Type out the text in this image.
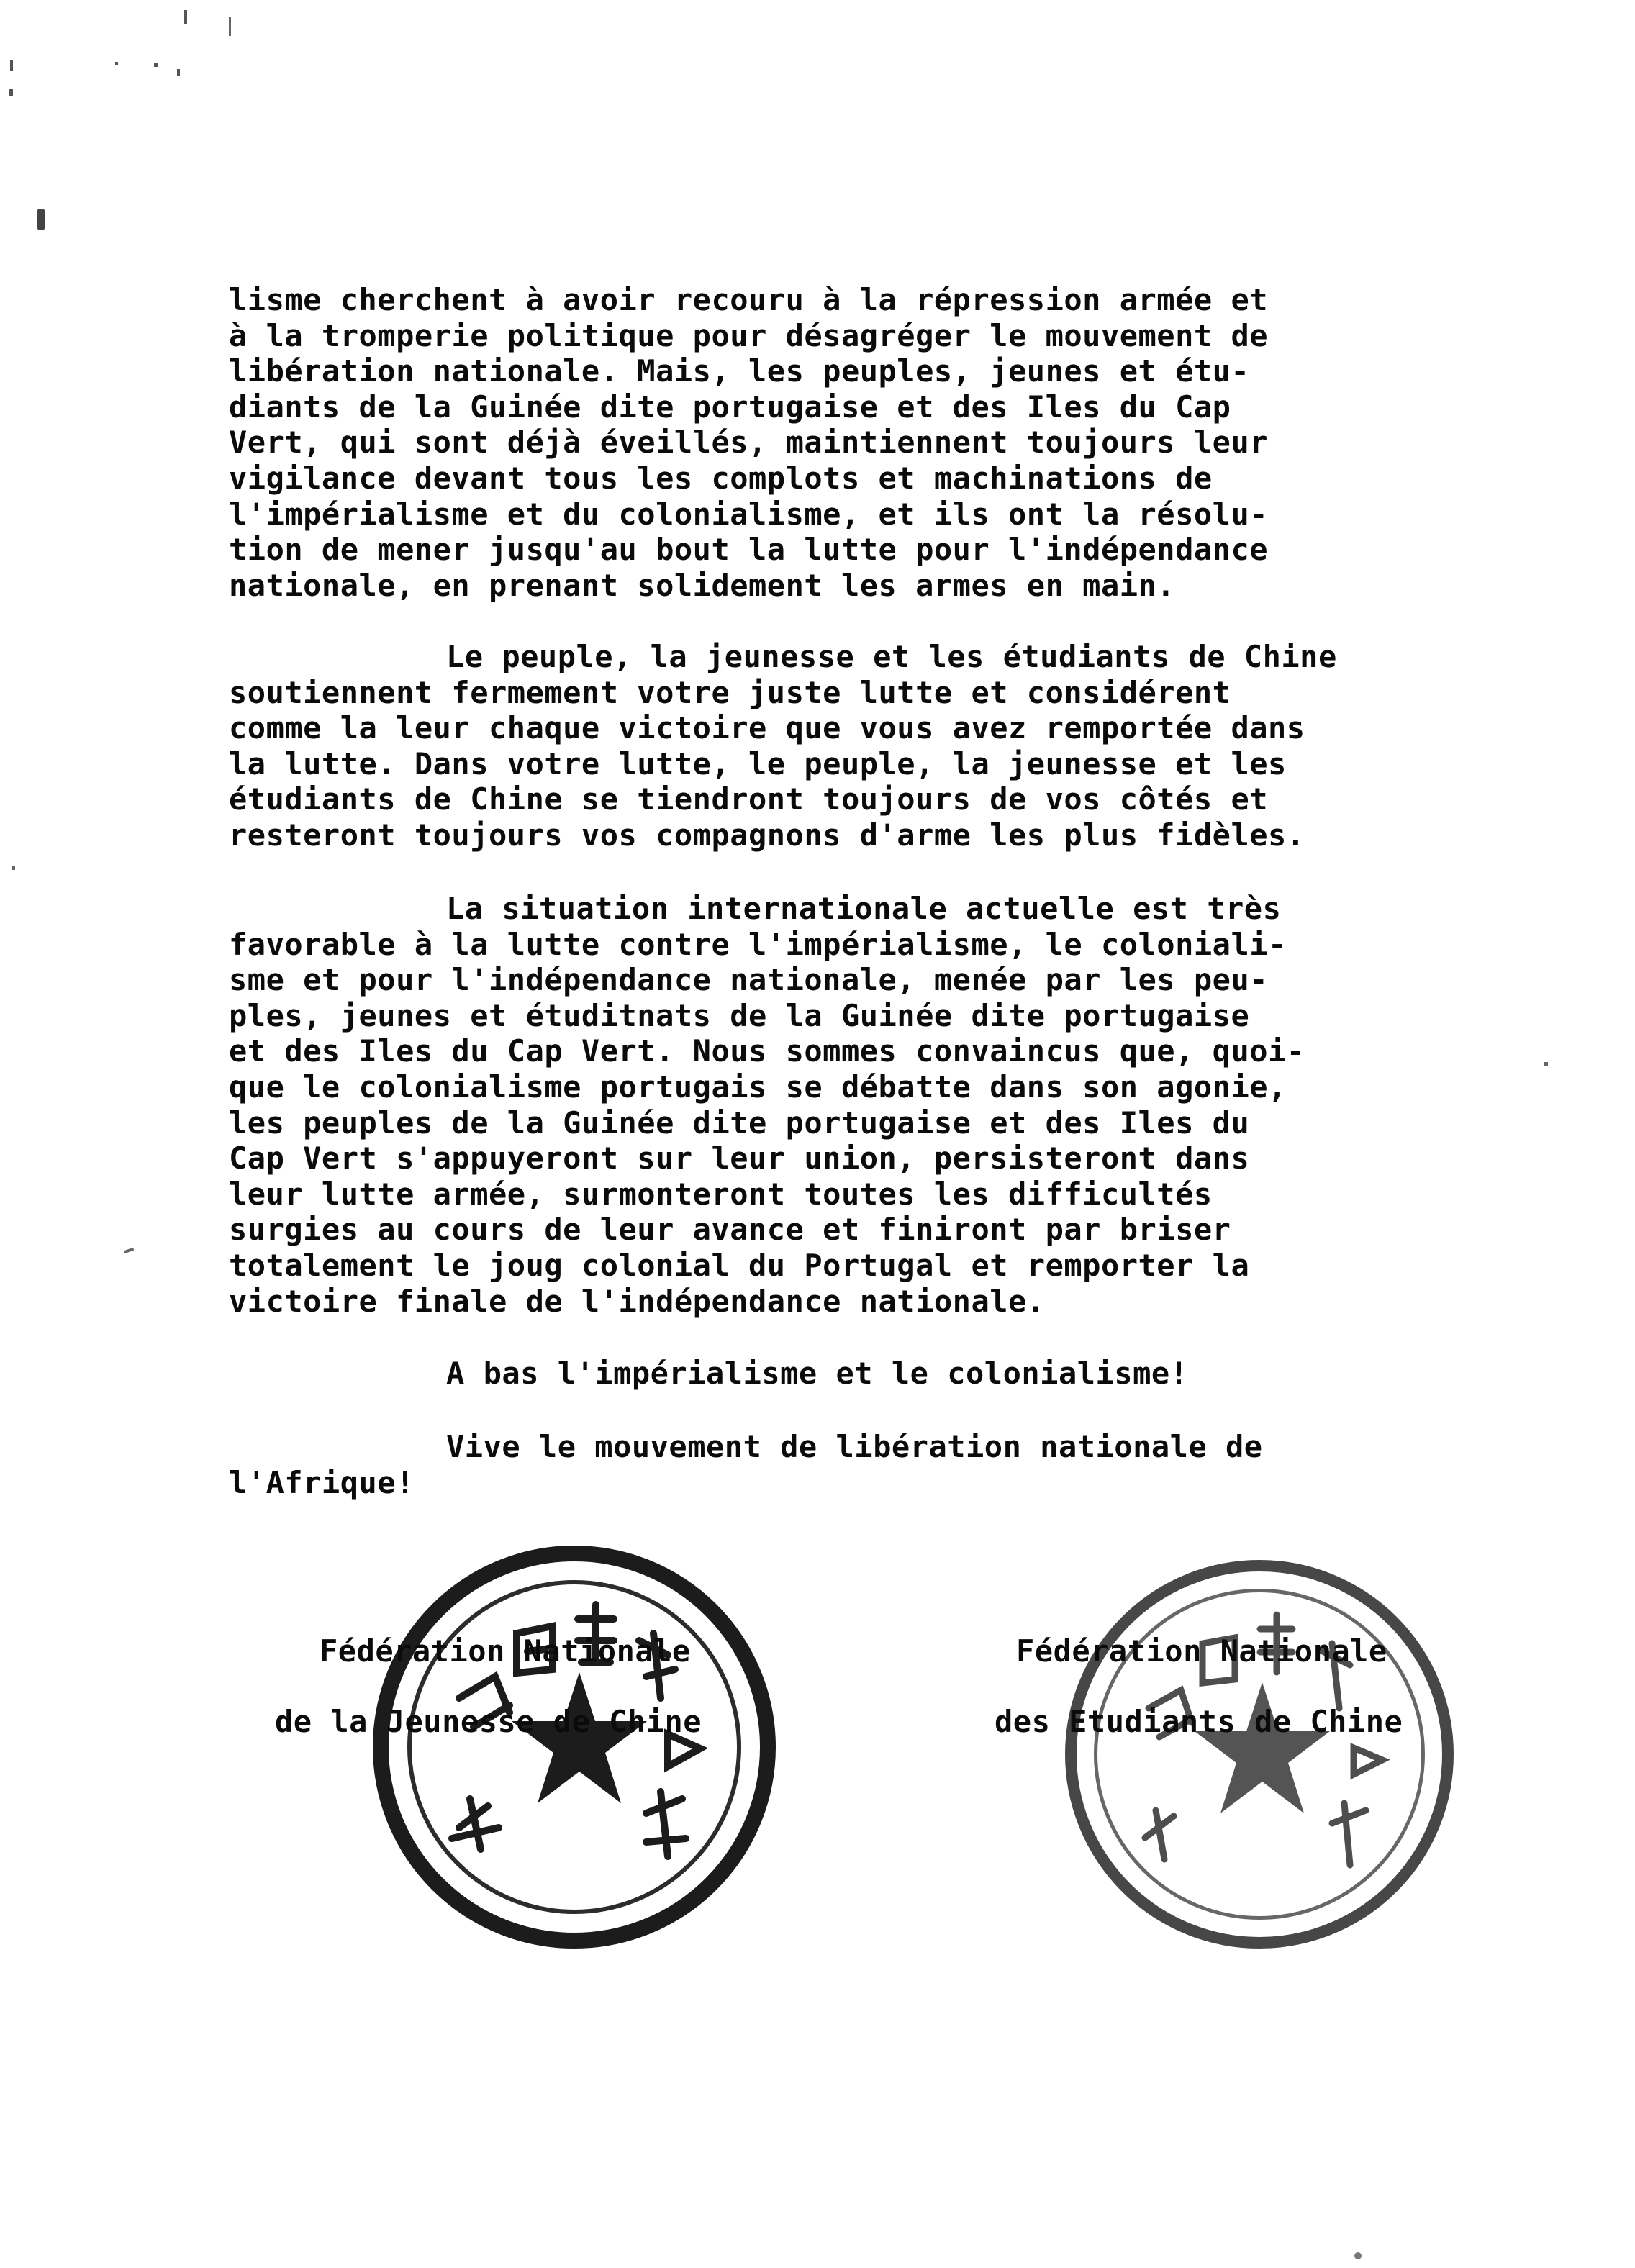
lisme cherchent à avoir recouru à la répression armée et
à la tromperie politique pour désagréger le mouvement de
libération nationale. Mais, les peuples, jeunes et étu-
diants de la Guinée dite portugaise et des Iles du Cap
Vert, qui sont déjà éveillés, maintiennent toujours leur
vigilance devant tous les complots et machinations de
l'impérialisme et du colonialisme, et ils ont la résolu-
tion de mener jusqu'au bout la lutte pour l'indépendance
nationale, en prenant solidement les armes en main.
Le peuple, la jeunesse et les étudiants de Chine
soutiennent fermement votre juste lutte et considérent
comme la leur chaque victoire que vous avez remportée dans
la lutte. Dans votre lutte, le peuple, la jeunesse et les
étudiants de Chine se tiendront toujours de vos côtés et
resteront toujours vos compagnons d'arme les plus fidèles.
La situation internationale actuelle est très
favorable à la lutte contre l'impérialisme, le coloniali-
sme et pour l'indépendance nationale, menée par les peu-
ples, jeunes et étuditnats de la Guinée dite portugaise
et des Iles du Cap Vert. Nous sommes convaincus que, quoi-
que le colonialisme portugais se débatte dans son agonie,
les peuples de la Guinée dite portugaise et des Iles du
Cap Vert s'appuyeront sur leur union, persisteront dans
leur lutte armée, surmonteront toutes les difficultés
surgies au cours de leur avance et finiront par briser
totalement le joug colonial du Portugal et remporter la
victoire finale de l'indépendance nationale.
A bas l'impérialisme et le colonialisme!
Vive le mouvement de libération nationale de
l'Afrique!
Fédération Nationale
de la Jeunesse de Chine
Fédération Nationale
des Etudiants de Chine
